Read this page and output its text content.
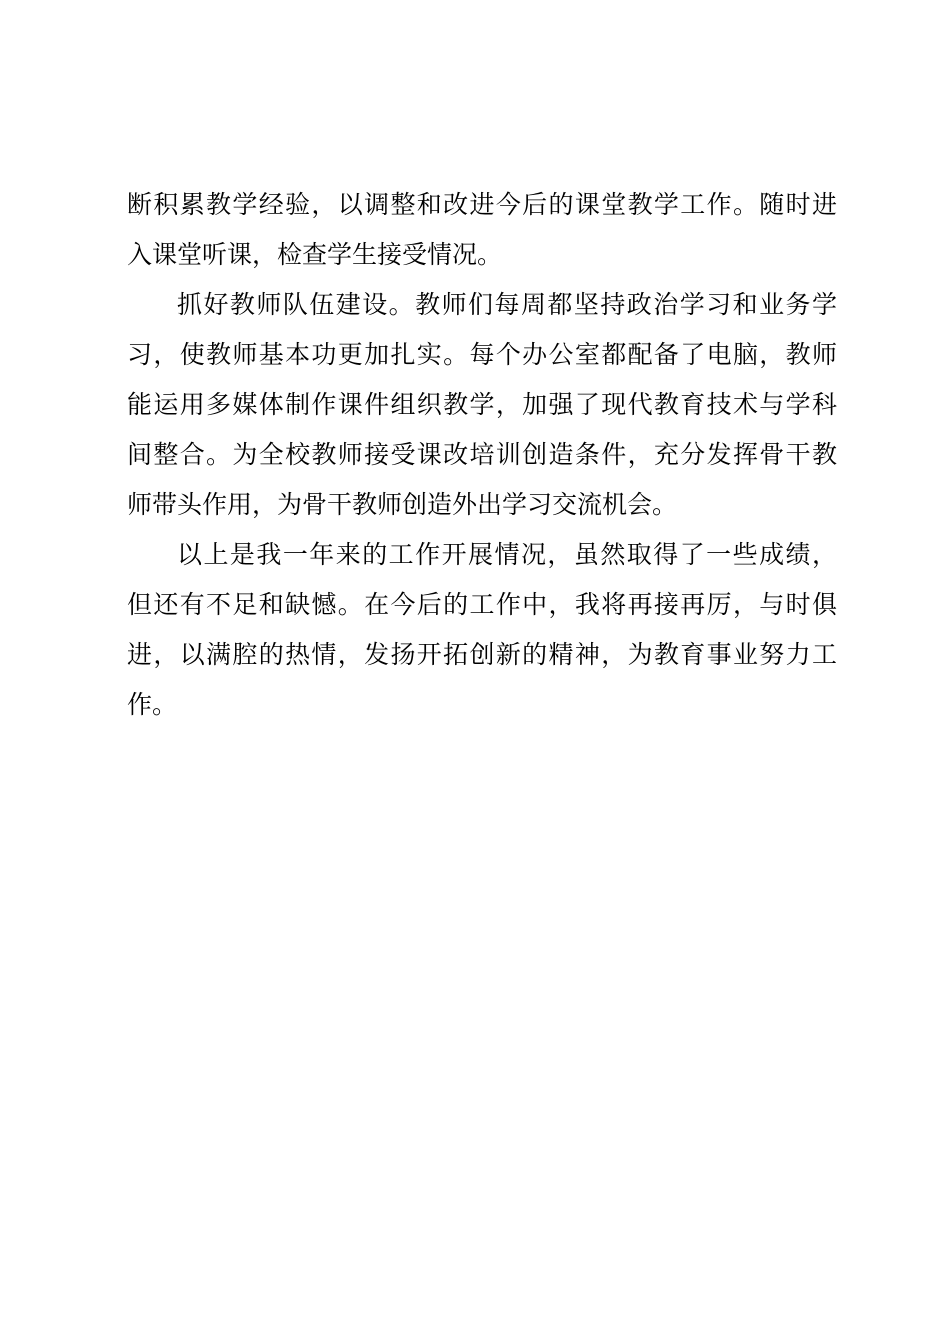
断积累教学经验，以调整和改进今后的课堂教学工作。随时进
入课堂听课，检查学生接受情况。
抓好教师队伍建设。教师们每周都坚持政治学习和业务学
习，使教师基本功更加扎实。每个办公室都配备了电脑，教师
能运用多媒体制作课件组织教学，加强了现代教育技术与学科
间整合。为全校教师接受课改培训创造条件，充分发挥骨干教
师带头作用，为骨干教师创造外出学习交流机会。
以上是我一年来的工作开展情况，虽然取得了一些成绩，
但还有不足和缺憾。在今后的工作中，我将再接再厉，与时俱
进，以满腔的热情，发扬开拓创新的精神，为教育事业努力工
作。
